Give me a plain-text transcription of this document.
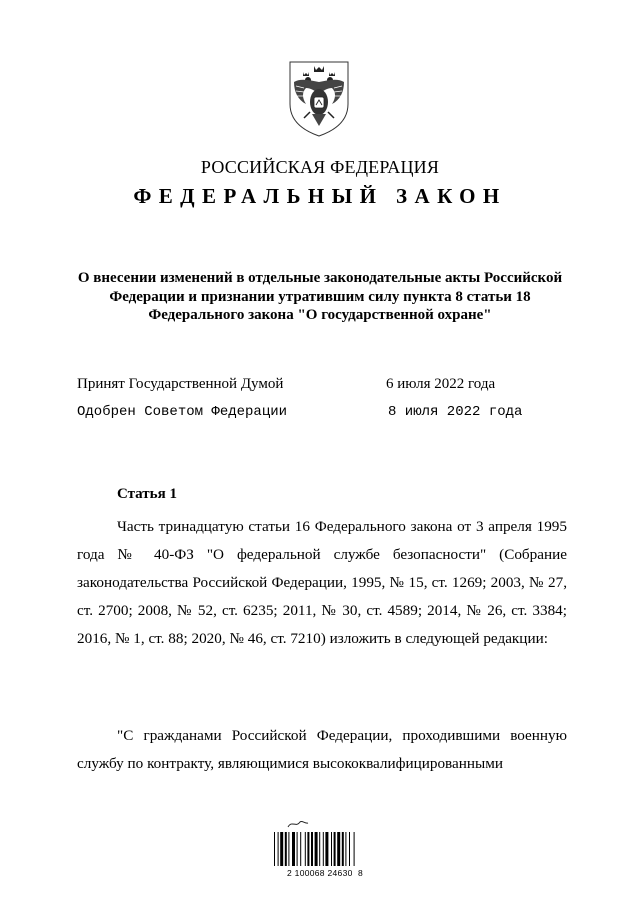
РОССИЙСКАЯ ФЕДЕРАЦИЯ
ФЕДЕРАЛЬНЫЙ ЗАКОН
О внесении изменений в отдельные законодательные акты Российской Федерации и признании утратившим силу пункта 8 статьи 18 Федерального закона "О государственной охране"
Принят Государственной Думой	6 июля 2022 года
Одобрен Советом Федерации	8 июля 2022 года
Статья 1
Часть тринадцатую статьи 16 Федерального закона от 3 апреля 1995 года № 40-ФЗ "О федеральной службе безопасности" (Собрание законодательства Российской Федерации, 1995, № 15, ст. 1269; 2003, № 27, ст. 2700; 2008, № 52, ст. 6235; 2011, № 30, ст. 4589; 2014, № 26, ст. 3384; 2016, № 1, ст. 88; 2020, № 46, ст. 7210) изложить в следующей редакции:
"С гражданами Российской Федерации, проходившими военную службу по контракту, являющимися высококвалифицированными
2 100068 24630  8
